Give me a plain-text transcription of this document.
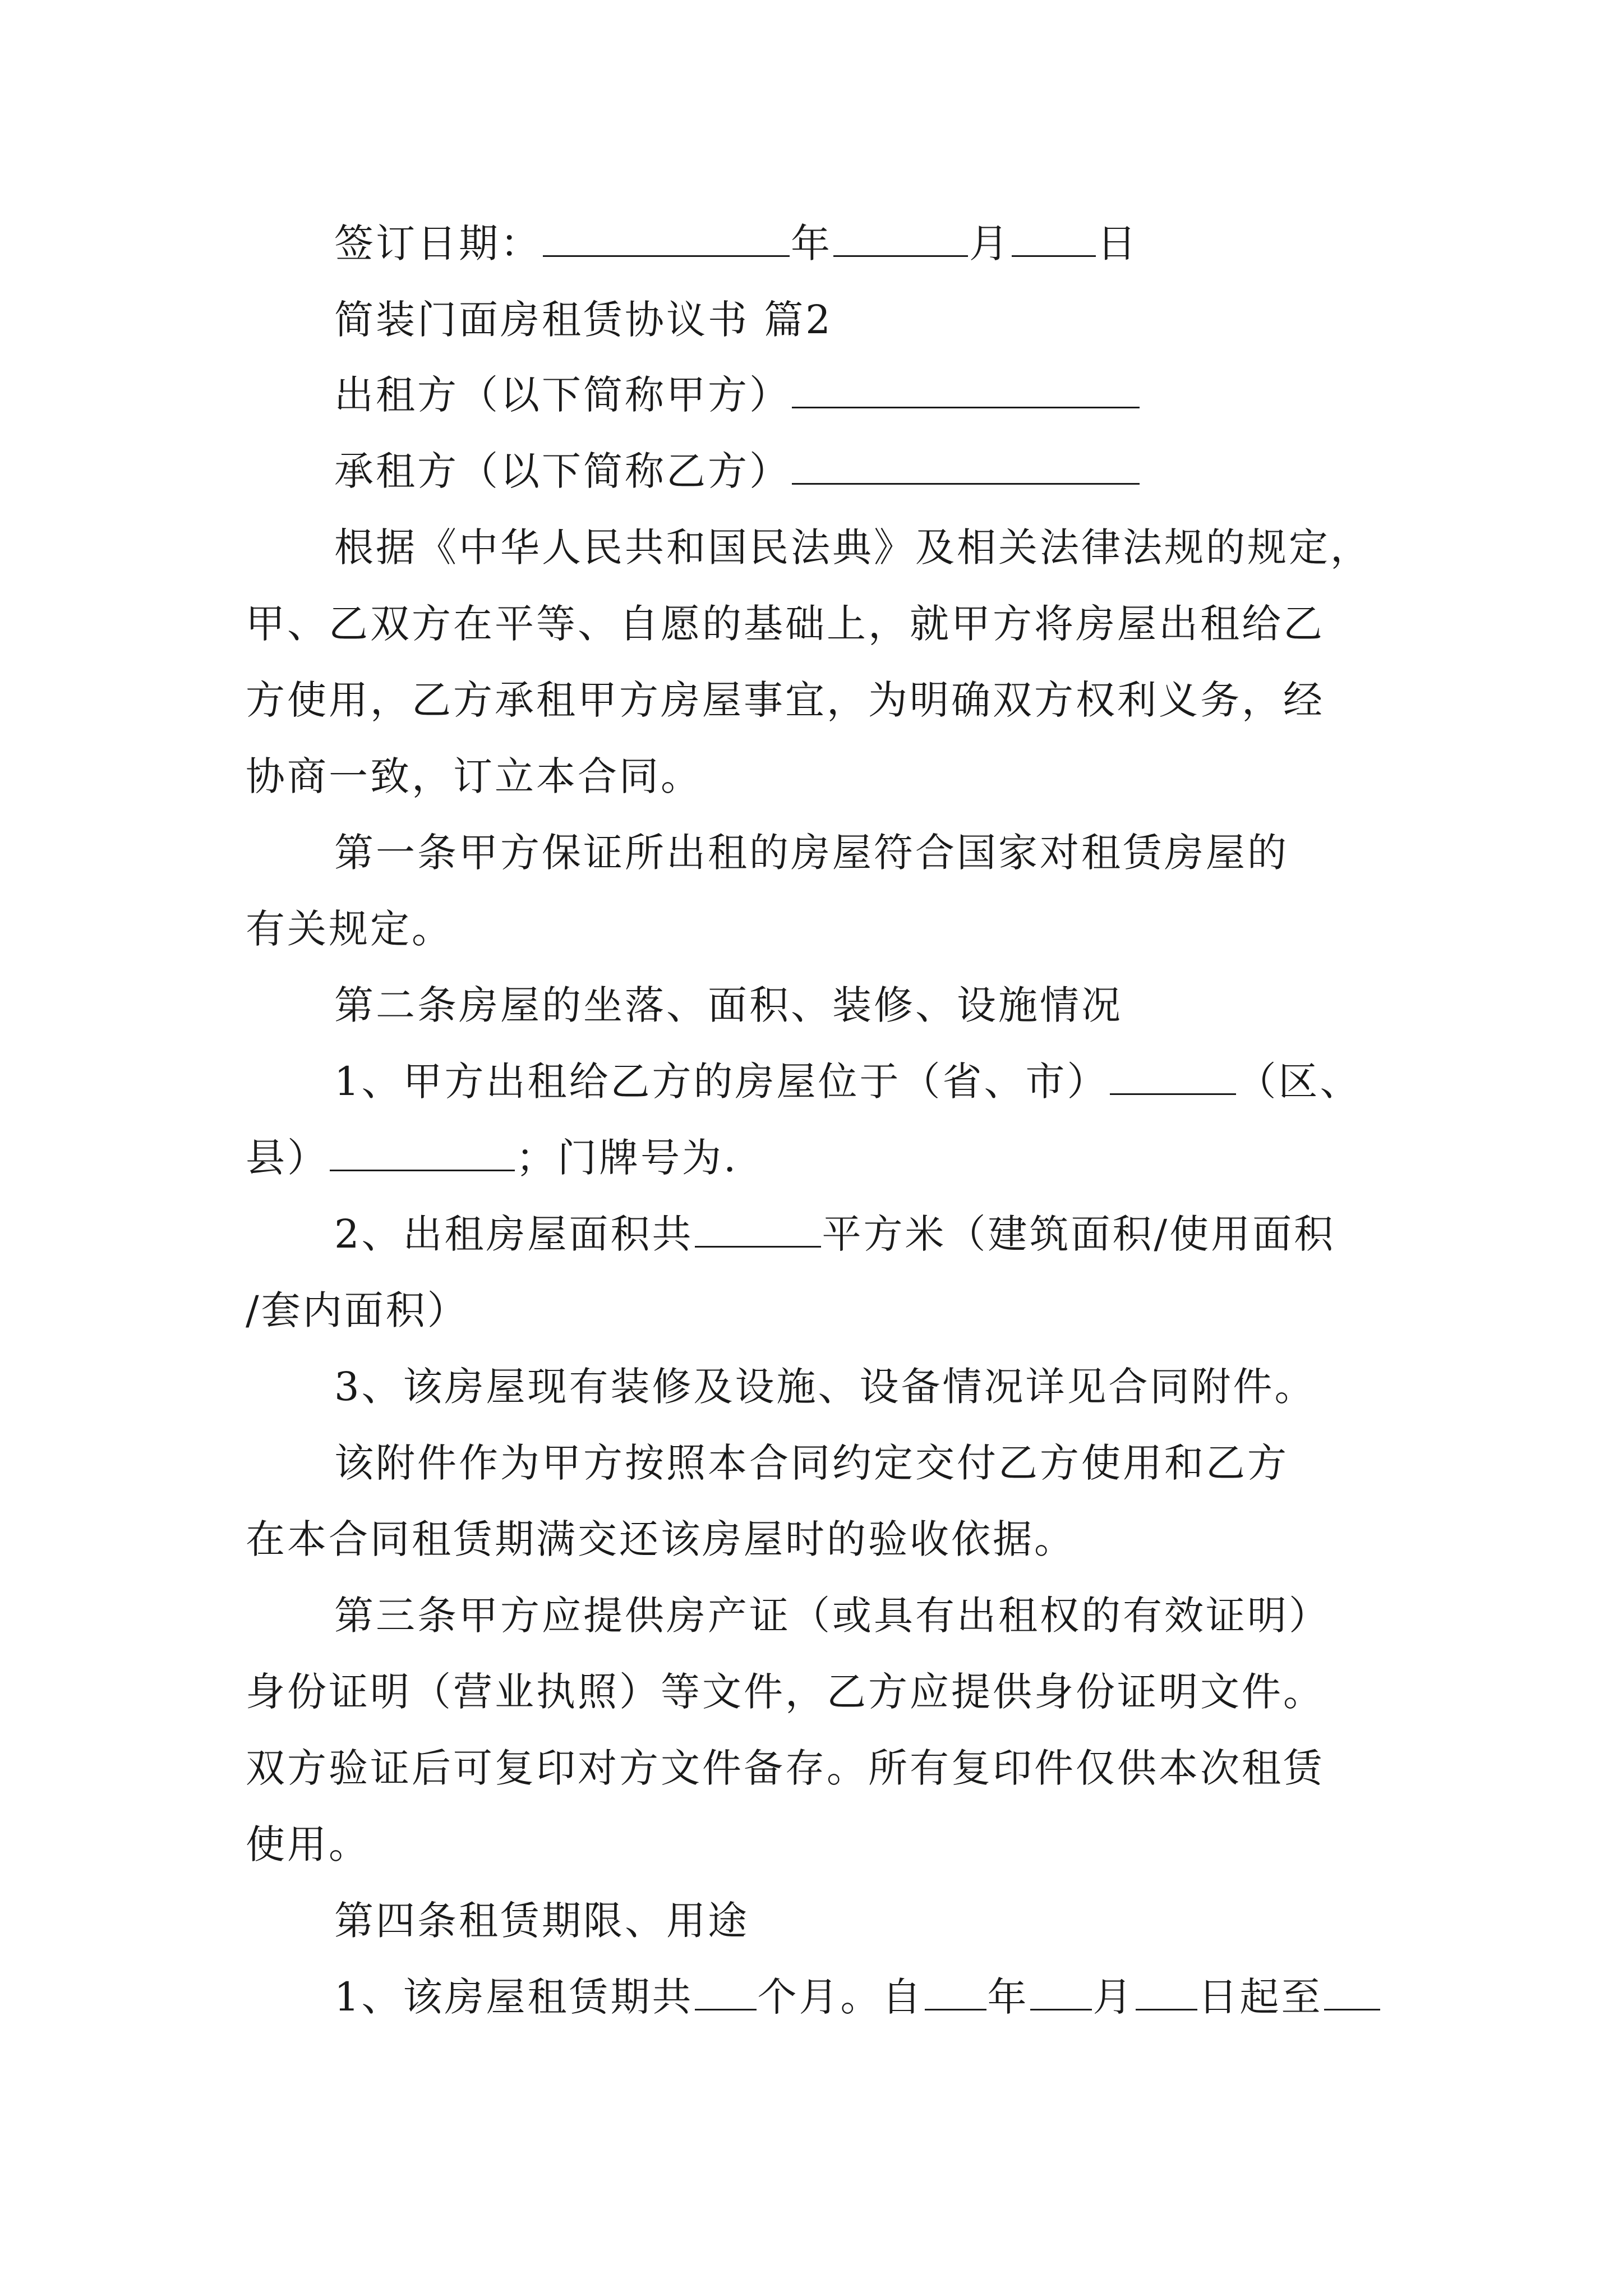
签订日期：	年	月 日
简装门面房租赁协议书 篇2
出租方（以下简称甲方）
承租方（以下简称乙方）
根据《中华人民共和国民法典》及相关法律法规的规定，
甲、乙双方在平等、自愿的基础上，就甲方将房屋出租给乙
方使用，乙方承租甲方房屋事宜，为明确双方权利义务，经
协商一致，订立本合同。
第一条甲方保证所出租的房屋符合国家对租赁房屋的
有关规定。
第二条房屋的坐落、面积、装修、设施情况
1、甲方出租给乙方的房屋位于（省、市）	（区、
县）	；门牌号为.
2、出租房屋面积共	平方米（建筑面积/使用面积
/套内面积）
3、该房屋现有装修及设施、设备情况详见合同附件。
该附件作为甲方按照本合同约定交付乙方使用和乙方
在本合同租赁期满交还该房屋时的验收依据。
第三条甲方应提供房产证（或具有出租权的有效证明）
身份证明（营业执照）等文件，乙方应提供身份证明文件。
双方验证后可复印对方文件备存。所有复印件仅供本次租赁
使用。
第四条租赁期限、用途
1、该房屋租赁期共 个月。自 年 月 日起至
